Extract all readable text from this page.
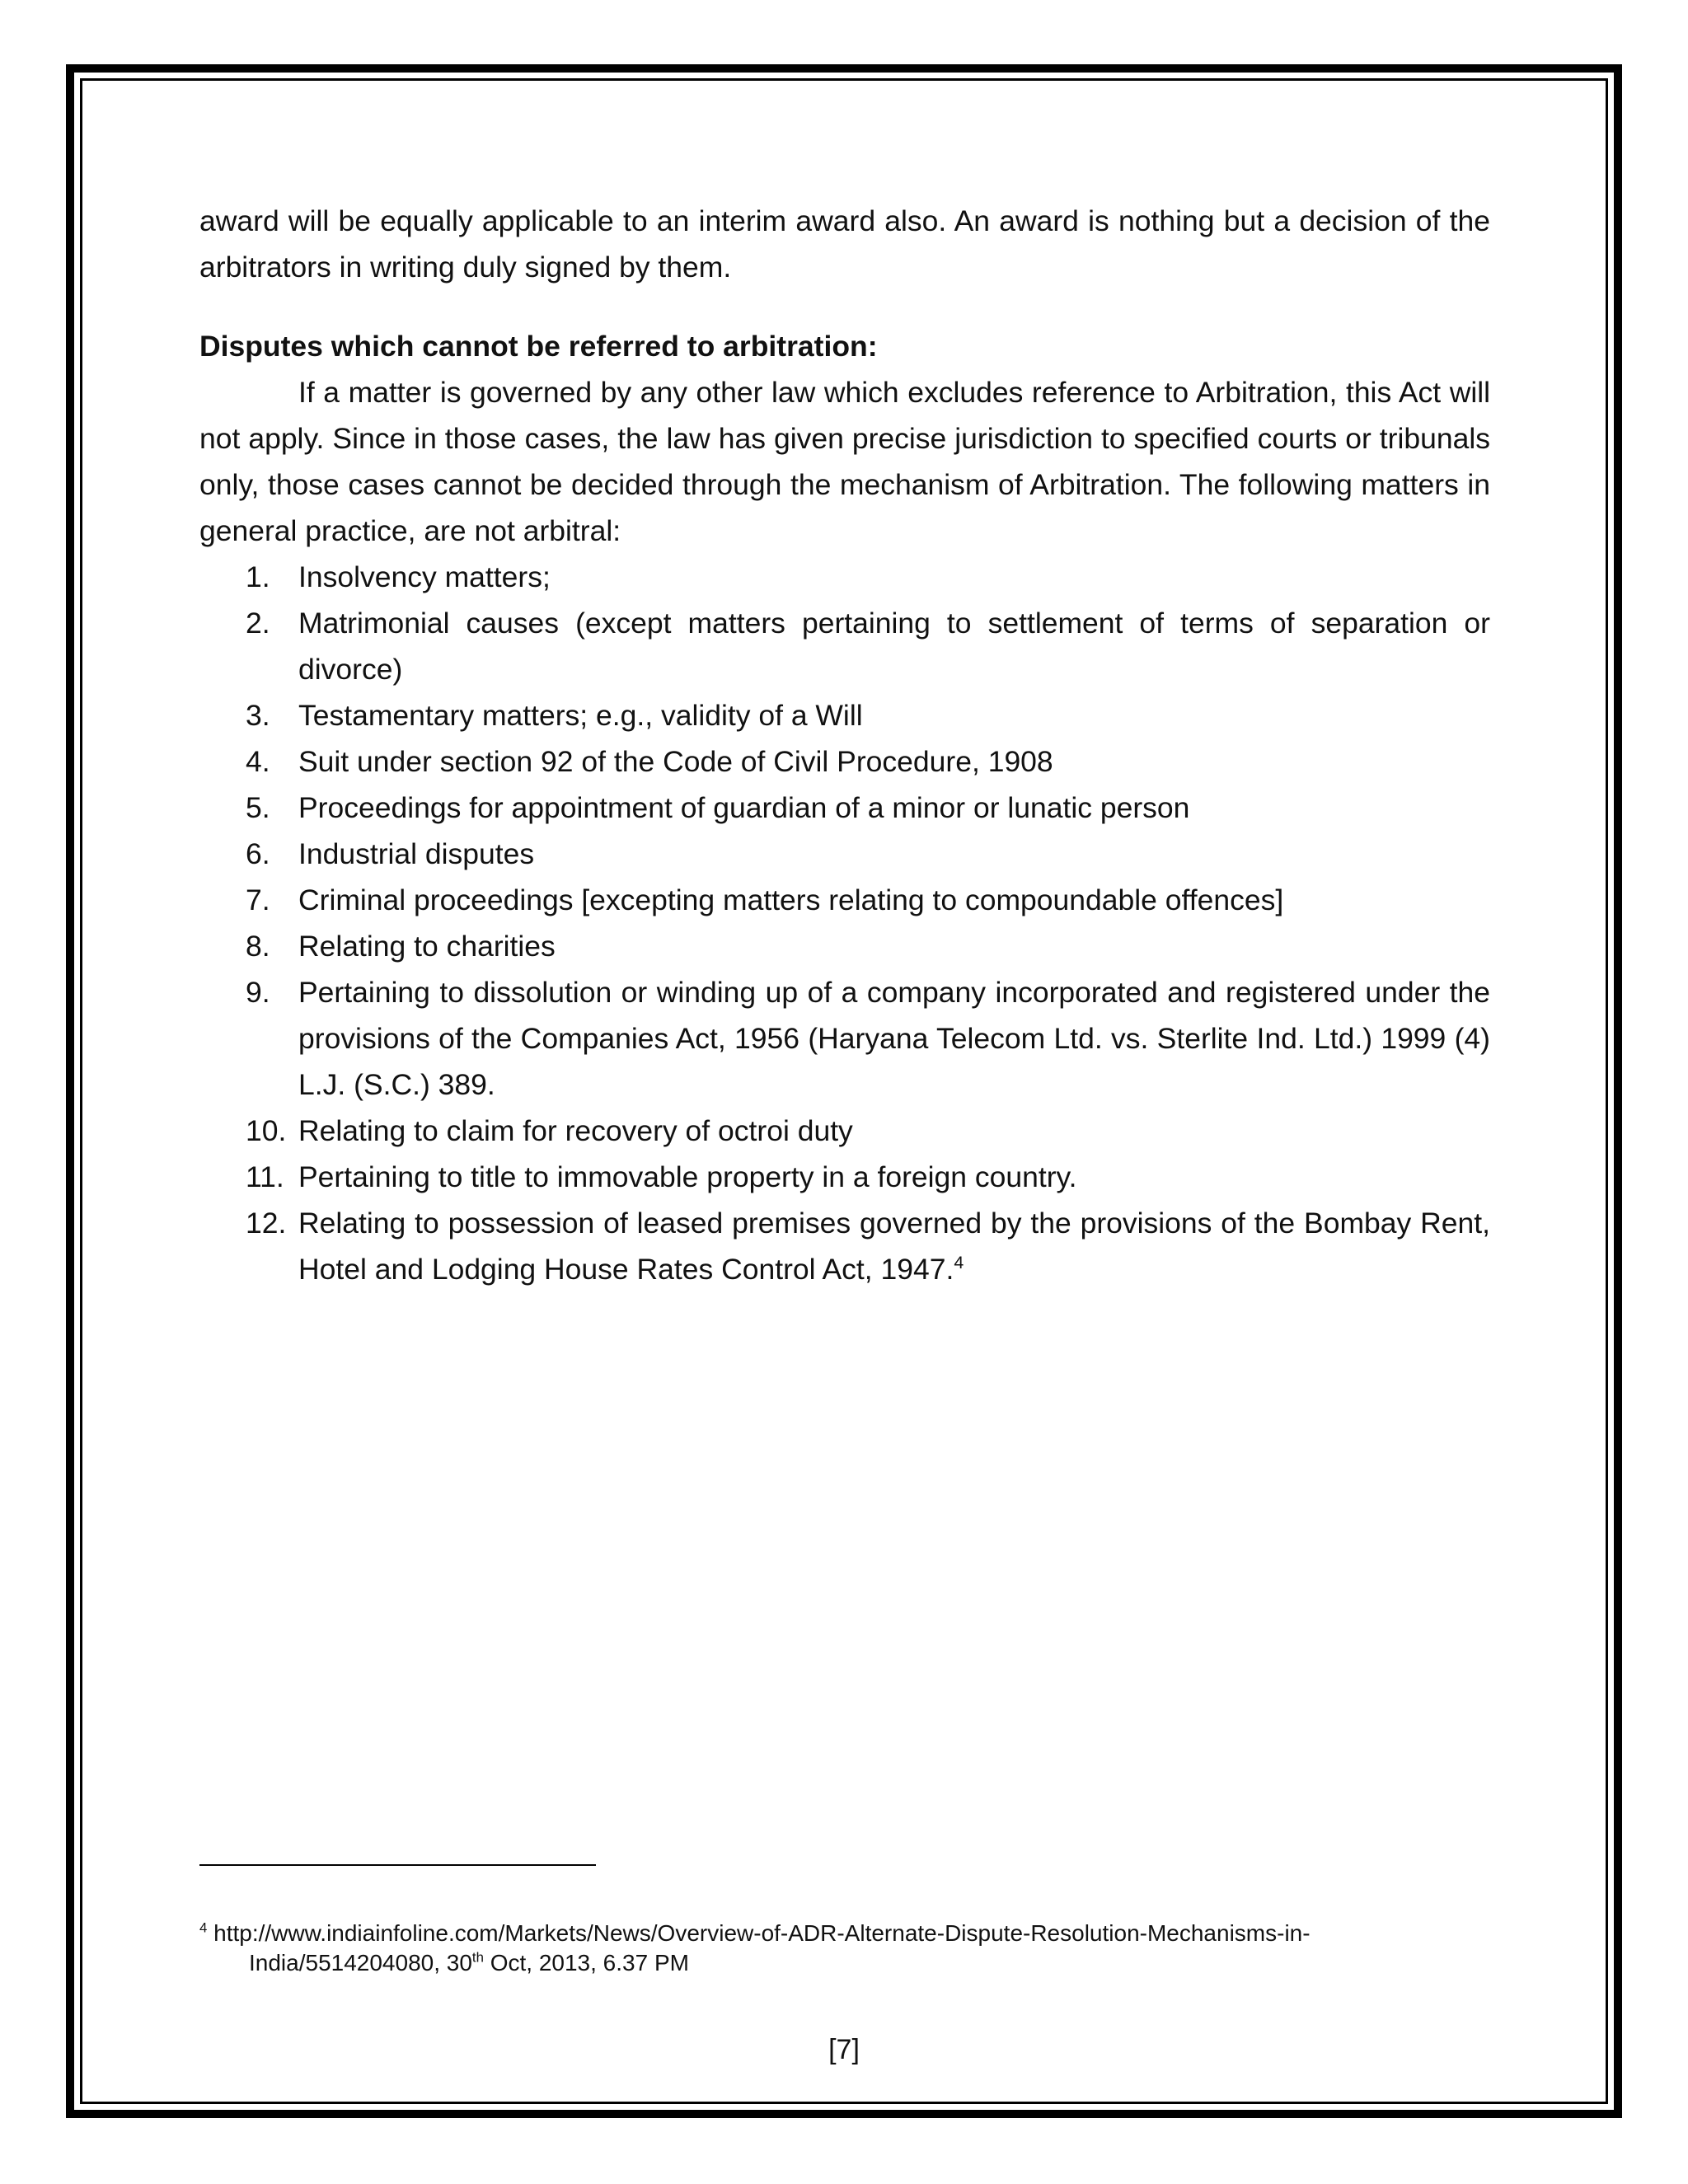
award will be equally applicable to an interim award also. An award is nothing but a decision of the arbitrators in writing duly signed by them.

Disputes which cannot be referred to arbitration:

If a matter is governed by any other law which excludes reference to Arbitration, this Act will not apply. Since in those cases, the law has given precise jurisdiction to specified courts or tribunals only, those cases cannot be decided through the mechanism of Arbitration. The following matters in general practice, are not arbitral:

1. Insolvency matters;
2. Matrimonial causes (except matters pertaining to settlement of terms of separation or divorce)
3. Testamentary matters; e.g., validity of a Will
4. Suit under section 92 of the Code of Civil Procedure, 1908
5. Proceedings for appointment of guardian of a minor or lunatic person
6. Industrial disputes
7. Criminal proceedings [excepting matters relating to compoundable offences]
8. Relating to charities
9. Pertaining to dissolution or winding up of a company incorporated and registered under the provisions of the Companies Act, 1956 (Haryana Telecom Ltd. vs. Sterlite Ind. Ltd.) 1999 (4) L.J. (S.C.) 389.
10. Relating to claim for recovery of octroi duty
11. Pertaining to title to immovable property in a foreign country.
12. Relating to possession of leased premises governed by the provisions of the Bombay Rent, Hotel and Lodging House Rates Control Act, 1947.$^4$
$^4$ http://www.indiainfoline.com/Markets/News/Overview-of-ADR-Alternate-Dispute-Resolution-Mechanisms-in-
India/5514204080, 30th Oct, 2013, 6.37 PM
[7]
